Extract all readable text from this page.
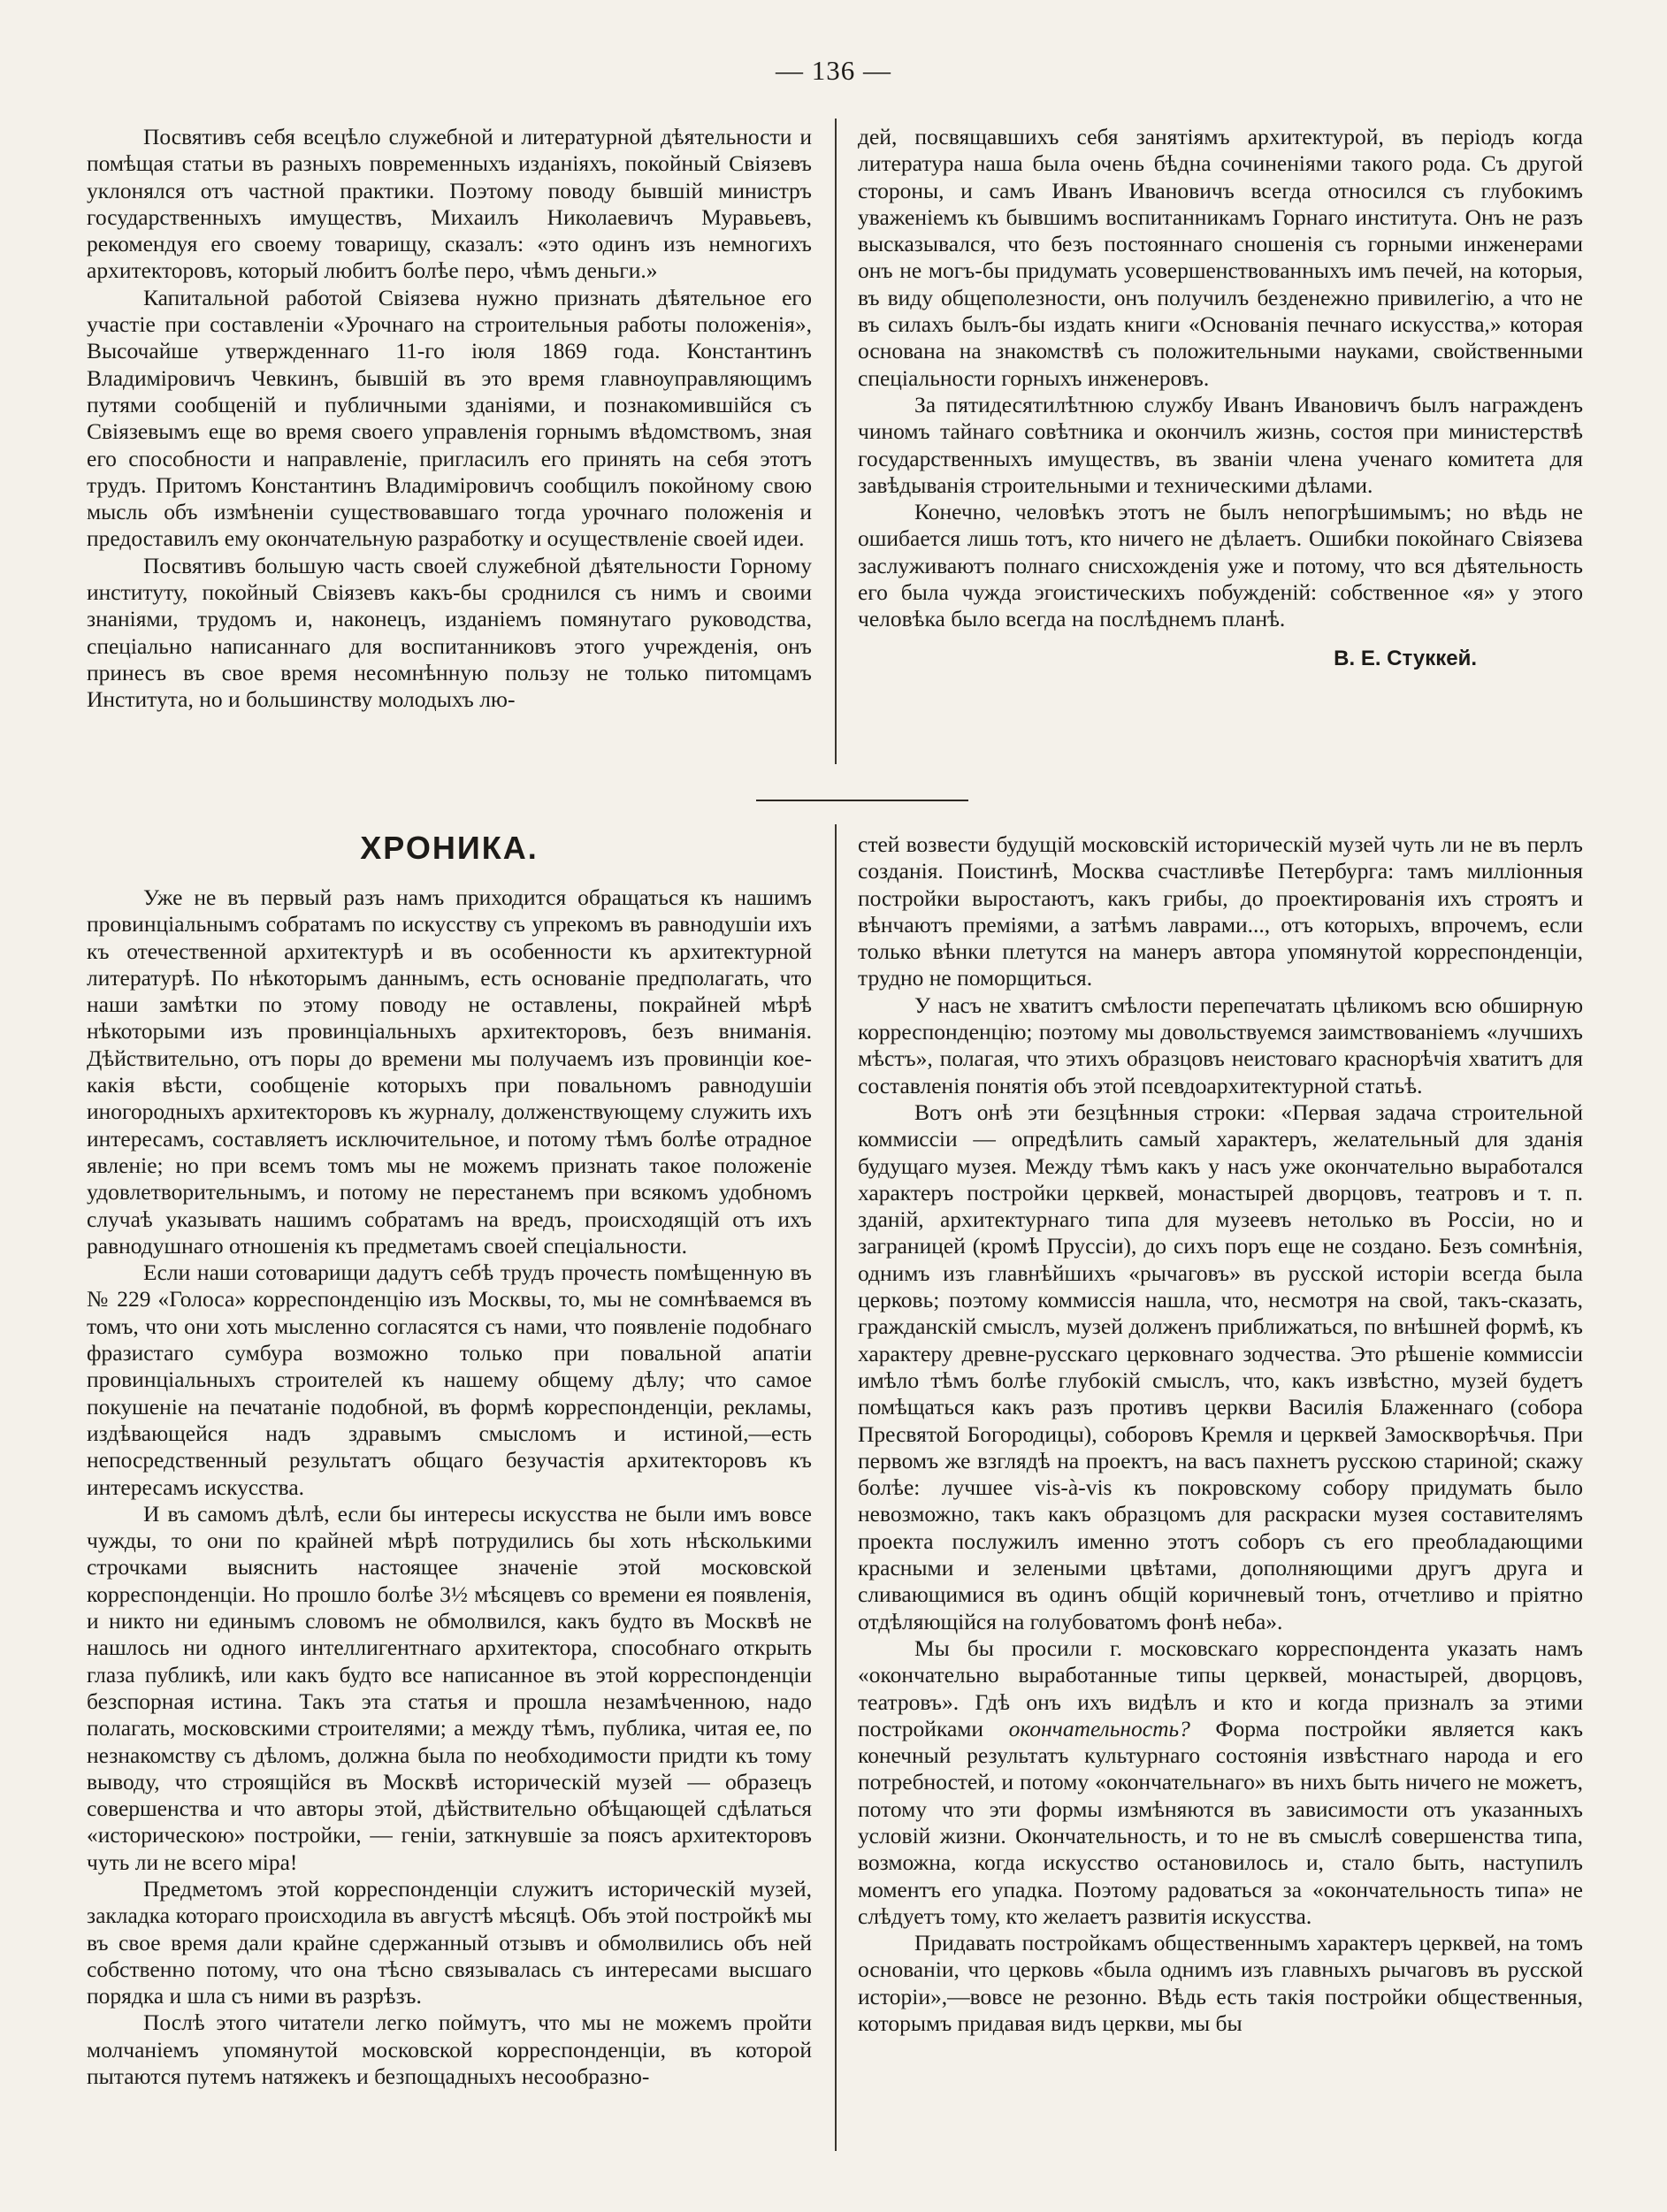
— 136 —

Посвятивъ себя всецѣло служебной и литературной дѣятельности и помѣщая статьи въ разныхъ повременныхъ изданіяхъ, покойный Свіязевъ уклонялся отъ частной практики. Поэтому поводу бывшій министръ государственныхъ имуществъ, Михаилъ Николаевичъ Муравьевъ, рекомендуя его своему товарищу, сказалъ: «это одинъ изъ немногихъ архитекторовъ, который любитъ болѣе перо, чѣмъ деньги.»

Капитальной работой Свіязева нужно признать дѣятельное его участіе при составленіи «Урочнаго на строительныя работы положенія», Высочайше утвержденнаго 11-го іюля 1869 года. Константинъ Владиміровичъ Чевкинъ, бывшій въ это время главноуправляющимъ путями сообщеній и публичными зданіями, и познакомившійся съ Свіязевымъ еще во время своего управленія горнымъ вѣдомствомъ, зная его способности и направленіе, пригласилъ его принять на себя этотъ трудъ. Притомъ Константинъ Владиміровичъ сообщилъ покойному свою мысль объ измѣненіи существовавшаго тогда урочнаго положенія и предоставилъ ему окончательную разработку и осуществленіе своей идеи.

Посвятивъ большую часть своей служебной дѣятельности Горному институту, покойный Свіязевъ какъ-бы сроднился съ нимъ и своими знаніями, трудомъ и, наконецъ, изданіемъ помянутаго руководства, спеціально написаннаго для воспитанниковъ этого учрежденія, онъ принесъ въ свое время несомнѣнную пользу не только питомцамъ Института, но и большинству молодыхъ лю-

дей, посвящавшихъ себя занятіямъ архитектурой, въ періодъ когда литература наша была очень бѣдна сочиненіями такого рода. Съ другой стороны, и самъ Иванъ Ивановичъ всегда относился съ глубокимъ уваженіемъ къ бывшимъ воспитанникамъ Горнаго института. Онъ не разъ высказывался, что безъ постояннаго сношенія съ горными инженерами онъ не могъ-бы придумать усовершенствованныхъ имъ печей, на которыя, въ виду общеполезности, онъ получилъ безденежно привилегію, а что не въ силахъ былъ-бы издать книги «Основанія печнаго искусства,» которая основана на знакомствѣ съ положительными науками, свойственными спеціальности горныхъ инженеровъ.

За пятидесятилѣтнюю службу Иванъ Ивановичъ былъ награжденъ чиномъ тайнаго совѣтника и окончилъ жизнь, состоя при министерствѣ государственныхъ имуществъ, въ званіи члена ученаго комитета для завѣдыванія строительными и техническими дѣлами.

Конечно, человѣкъ этотъ не былъ непогрѣшимымъ; но вѣдь не ошибается лишь тотъ, кто ничего не дѣлаетъ. Ошибки покойнаго Свіязева заслуживаютъ полнаго снисхожденія уже и потому, что вся дѣятельность его была чужда эгоистическихъ побужденій: собственное «я» у этого человѣка было всегда на послѣднемъ планѣ.

В. Е. Стуккей.
ХРОНИКА.

Уже не въ первый разъ намъ приходится обращаться къ нашимъ провинціальнымъ собратамъ по искусству съ упрекомъ въ равнодушіи ихъ къ отечественной архитектурѣ и въ особенности къ архитектурной литературѣ. По нѣкоторымъ даннымъ, есть основаніе предполагать, что наши замѣтки по этому поводу не оставлены, покрайней мѣрѣ нѣкоторыми изъ провинціальныхъ архитекторовъ, безъ вниманія. Дѣйствительно, отъ поры до времени мы получаемъ изъ провинціи кое-какія вѣсти, сообщеніе которыхъ при повальномъ равнодушіи иногородныхъ архитекторовъ къ журналу, долженствующему служить ихъ интересамъ, составляетъ исключительное, и потому тѣмъ болѣе отрадное явленіе; но при всемъ томъ мы не можемъ признать такое положеніе удовлетворительнымъ, и потому не перестанемъ при всякомъ удобномъ случаѣ указывать нашимъ собратамъ на вредъ, происходящій отъ ихъ равнодушнаго отношенія къ предметамъ своей спеціальности.

Если наши сотоварищи дадутъ себѣ трудъ прочесть помѣщенную въ № 229 «Голоса» корреспонденцію изъ Москвы, то, мы не сомнѣваемся въ томъ, что они хоть мысленно согласятся съ нами, что появленіе подобнаго фразистаго сумбура возможно только при повальной апатіи провинціальныхъ строителей къ нашему общему дѣлу; что самое покушеніе на печатаніе подобной, въ формѣ корреспонденціи, рекламы, издѣвающейся надъ здравымъ смысломъ и истиной,—есть непосредственный результатъ общаго безучастія архитекторовъ къ интересамъ искусства.

И въ самомъ дѣлѣ, если бы интересы искусства не были имъ вовсе чужды, то они по крайней мѣрѣ потрудились бы хоть нѣсколькими строчками выяснить настоящее значеніе этой московской корреспонденціи. Но прошло болѣе 3½ мѣсяцевъ со времени ея появленія, и никто ни единымъ словомъ не обмолвился, какъ будто въ Москвѣ не нашлось ни одного интеллигентнаго архитектора, способнаго открыть глаза публикѣ, или какъ будто все написанное въ этой корреспонденціи безспорная истина. Такъ эта статья и прошла незамѣченною, надо полагать, московскими строителями; а между тѣмъ, публика, читая ее, по незнакомству съ дѣломъ, должна была по необходимости придти къ тому выводу, что строящійся въ Москвѣ историческій музей — образецъ совершенства и что авторы этой, дѣйствительно обѣщающей сдѣлаться «историческою» постройки, — геніи, заткнувшіе за поясъ архитекторовъ чуть ли не всего міра!

Предметомъ этой корреспонденціи служитъ историческій музей, закладка котораго происходила въ августѣ мѣсяцѣ. Объ этой постройкѣ мы въ свое время дали крайне сдержанный отзывъ и обмолвились объ ней собственно потому, что она тѣсно связывалась съ интересами высшаго порядка и шла съ ними въ разрѣзъ.

Послѣ этого читатели легко поймутъ, что мы не можемъ пройти молчаніемъ упомянутой московской корреспонденціи, въ которой пытаются путемъ натяжекъ и безпощадныхъ несообразно-

стей возвести будущій московскій историческій музей чуть ли не въ перлъ созданія. Поистинѣ, Москва счастливѣе Петербурга: тамъ милліонныя постройки выростаютъ, какъ грибы, до проектированія ихъ строятъ и вѣнчаютъ преміями, а затѣмъ лаврами..., отъ которыхъ, впрочемъ, если только вѣнки плетутся на манеръ автора упомянутой корреспонденціи, трудно не поморщиться.

У насъ не хватитъ смѣлости перепечатать цѣликомъ всю обширную корреспонденцію; поэтому мы довольствуемся заимствованіемъ «лучшихъ мѣстъ», полагая, что этихъ образцовъ неистоваго краснорѣчія хватитъ для составленія понятія объ этой псевдоархитектурной статьѣ.

Вотъ онѣ эти безцѣнныя строки: «Первая задача строительной коммиссіи — опредѣлить самый характеръ, желательный для зданія будущаго музея. Между тѣмъ какъ у насъ уже окончательно выработался характеръ постройки церквей, монастырей дворцовъ, театровъ и т. п. зданій, архитектурнаго типа для музеевъ нетолько въ Россіи, но и заграницей (кромѣ Пруссіи), до сихъ поръ еще не создано. Безъ сомнѣнія, однимъ изъ главнѣйшихъ «рычаговъ» въ русской исторіи всегда была церковь; поэтому коммиссія нашла, что, несмотря на свой, такъ-сказать, гражданскій смыслъ, музей долженъ приближаться, по внѣшней формѣ, къ характеру древне-русскаго церковнаго зодчества. Это рѣшеніе коммиссіи имѣло тѣмъ болѣе глубокій смыслъ, что, какъ извѣстно, музей будетъ помѣщаться какъ разъ противъ церкви Василія Блаженнаго (собора Пресвятой Богородицы), соборовъ Кремля и церквей Замоскворѣчья. При первомъ же взглядѣ на проектъ, на васъ пахнетъ русскою стариной; скажу болѣе: лучшее vis-à-vis къ покровскому собору придумать было невозможно, такъ какъ образцомъ для раскраски музея составителямъ проекта послужилъ именно этотъ соборъ съ его преобладающими красными и зелеными цвѣтами, дополняющими другъ друга и сливающимися въ одинъ общій коричневый тонъ, отчетливо и пріятно отдѣляющійся на голубоватомъ фонѣ неба».

Мы бы просили г. московскаго корреспондента указать намъ «окончательно выработанные типы церквей, монастырей, дворцовъ, театровъ». Гдѣ онъ ихъ видѣлъ и кто и когда призналъ за этими постройками окончательность? Форма постройки является какъ конечный результатъ культурнаго состоянія извѣстнаго народа и его потребностей, и потому «окончательнаго» въ нихъ быть ничего не можетъ, потому что эти формы измѣняются въ зависимости отъ указанныхъ условій жизни. Окончательность, и то не въ смыслѣ совершенства типа, возможна, когда искусство остановилось и, стало быть, наступилъ моментъ его упадка. Поэтому радоваться за «окончательность типа» не слѣдуетъ тому, кто желаетъ развитія искусства.

Придавать постройкамъ общественнымъ характеръ церквей, на томъ основаніи, что церковь «была однимъ изъ главныхъ рычаговъ въ русской исторіи»,—вовсе не резонно. Вѣдь есть такія постройки общественныя, которымъ придавая видъ церкви, мы бы
